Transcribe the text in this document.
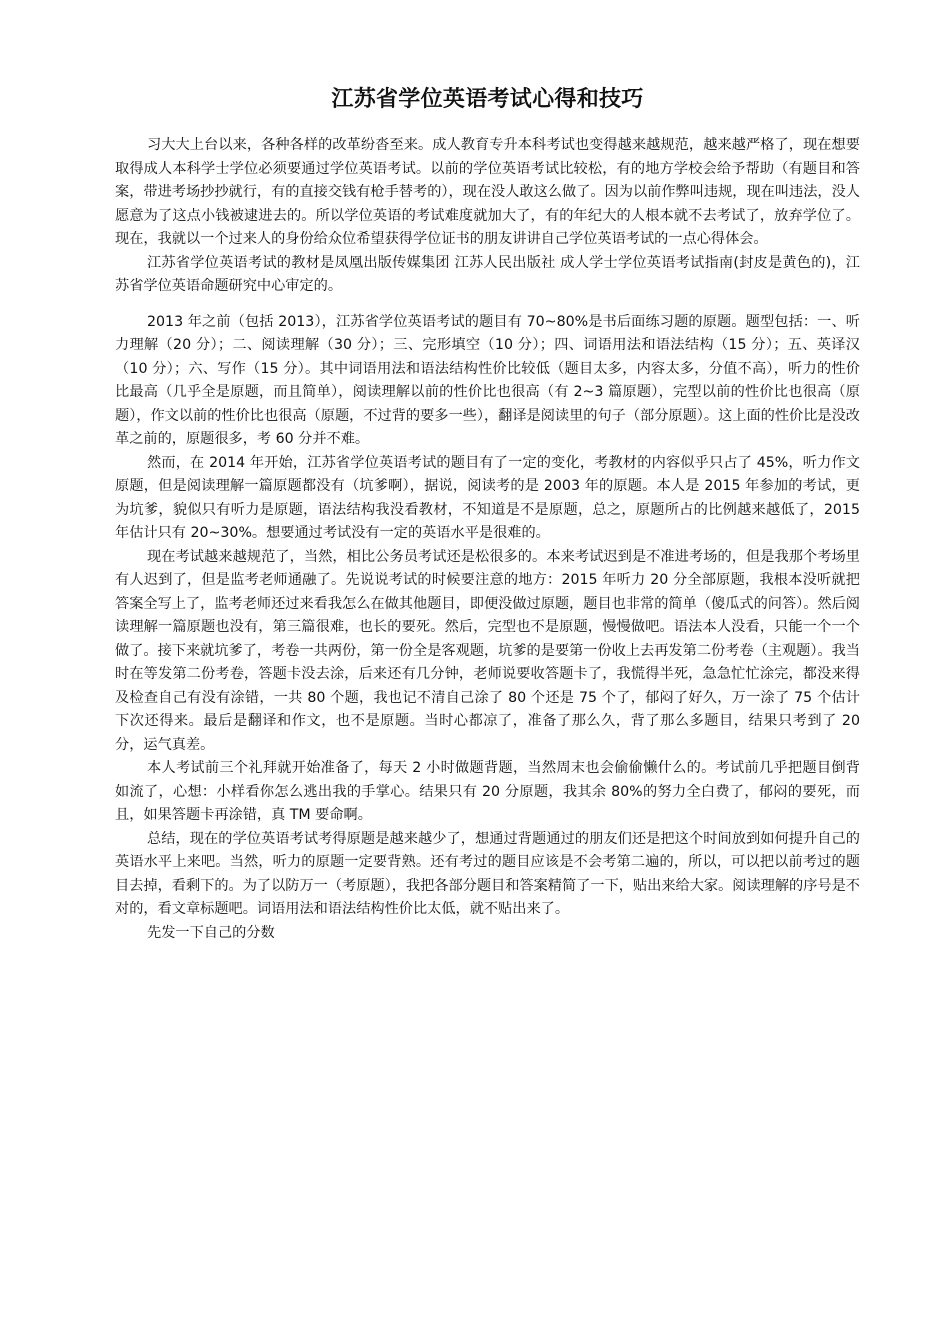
江苏省学位英语考试心得和技巧

习大大上台以来，各种各样的改革纷沓至来。成人教育专升本科考试也变得越来越规范，越来越严格了，现在想要取得成人本科学士学位必须要通过学位英语考试。以前的学位英语考试比较松，有的地方学校会给予帮助（有题目和答案，带进考场抄抄就行，有的直接交钱有枪手替考的），现在没人敢这么做了。因为以前作弊叫违规，现在叫违法，没人愿意为了这点小钱被逮进去的。所以学位英语的考试难度就加大了，有的年纪大的人根本就不去考试了，放弃学位了。现在，我就以一个过来人的身份给众位希望获得学位证书的朋友讲讲自己学位英语考试的一点心得体会。

江苏省学位英语考试的教材是凤凰出版传媒集团 江苏人民出版社 成人学士学位英语考试指南(封皮是黄色的)，江苏省学位英语命题研究中心审定的。

2013 年之前（包括 2013），江苏省学位英语考试的题目有 70~80%是书后面练习题的原题。题型包括：一、听力理解（20 分）；二、阅读理解（30 分）；三、完形填空（10 分）；四、词语用法和语法结构（15 分）；五、英译汉（10 分）；六、写作（15 分）。其中词语用法和语法结构性价比较低（题目太多，内容太多，分值不高），听力的性价比最高（几乎全是原题，而且简单），阅读理解以前的性价比也很高（有 2~3 篇原题），完型以前的性价比也很高（原题），作文以前的性价比也很高（原题，不过背的要多一些），翻译是阅读里的句子（部分原题）。这上面的性价比是没改革之前的，原题很多，考 60 分并不难。

然而，在 2014 年开始，江苏省学位英语考试的题目有了一定的变化，考教材的内容似乎只占了 45%，听力作文原题，但是阅读理解一篇原题都没有（坑爹啊），据说，阅读考的是 2003 年的原题。本人是 2015 年参加的考试，更为坑爹，貌似只有听力是原题，语法结构我没看教材，不知道是不是原题，总之，原题所占的比例越来越低了，2015 年估计只有 20~30%。想要通过考试没有一定的英语水平是很难的。

现在考试越来越规范了，当然，相比公务员考试还是松很多的。本来考试迟到是不准进考场的，但是我那个考场里有人迟到了，但是监考老师通融了。先说说考试的时候要注意的地方：2015 年听力 20 分全部原题，我根本没听就把答案全写上了，监考老师还过来看我怎么在做其他题目，即便没做过原题，题目也非常的简单（傻瓜式的问答）。然后阅读理解一篇原题也没有，第三篇很难，也长的要死。然后，完型也不是原题，慢慢做吧。语法本人没看，只能一个一个做了。接下来就坑爹了，考卷一共两份，第一份全是客观题，坑爹的是要第一份收上去再发第二份考卷（主观题）。我当时在等发第二份考卷，答题卡没去涂，后来还有几分钟，老师说要收答题卡了，我慌得半死，急急忙忙涂完，都没来得及检查自己有没有涂错，一共 80 个题，我也记不清自己涂了 80 个还是 75 个了，郁闷了好久，万一涂了 75 个估计下次还得来。最后是翻译和作文，也不是原题。当时心都凉了，准备了那么久，背了那么多题目，结果只考到了 20 分，运气真差。

本人考试前三个礼拜就开始准备了，每天 2 小时做题背题，当然周末也会偷偷懒什么的。考试前几乎把题目倒背如流了，心想：小样看你怎么逃出我的手掌心。结果只有 20 分原题，我其余 80%的努力全白费了，郁闷的要死，而且，如果答题卡再涂错，真 TM 要命啊。

总结，现在的学位英语考试考得原题是越来越少了，想通过背题通过的朋友们还是把这个时间放到如何提升自己的英语水平上来吧。当然，听力的原题一定要背熟。还有考过的题目应该是不会考第二遍的，所以，可以把以前考过的题目去掉，看剩下的。为了以防万一（考原题），我把各部分题目和答案精简了一下，贴出来给大家。阅读理解的序号是不对的，看文章标题吧。词语用法和语法结构性价比太低，就不贴出来了。

先发一下自己的分数
